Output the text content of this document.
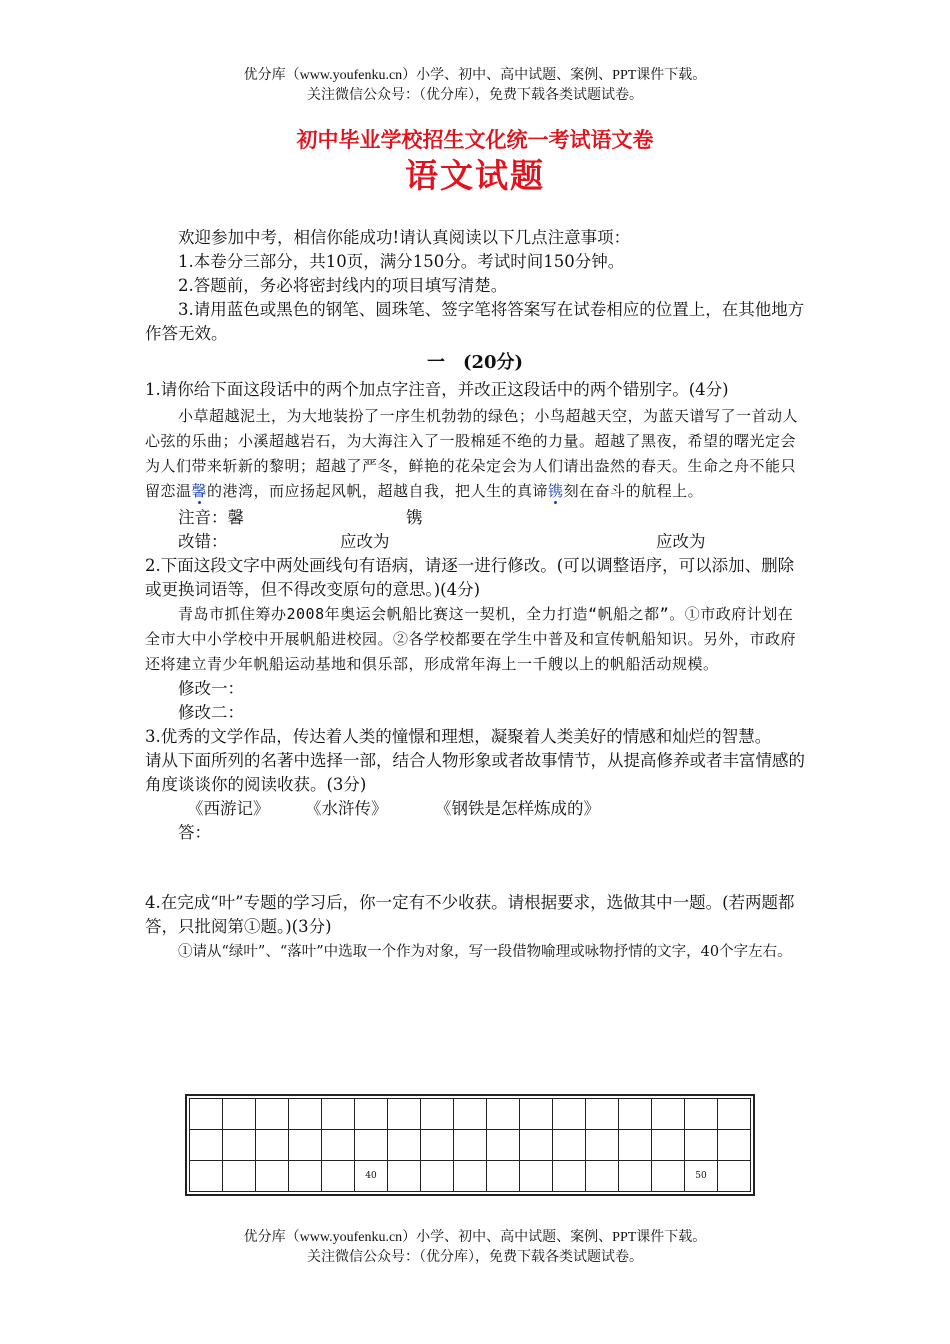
优分库（www.youfenku.cn）小学、初中、高中试题、案例、PPT课件下载。
关注微信公众号：（优分库），免费下载各类试题试卷。
初中毕业学校招生文化统一考试语文卷
语文试题

欢迎参加中考，相信你能成功!请认真阅读以下几点注意事项：

1.本卷分三部分，共10页，满分150分。考试时间150分钟。

2.答题前，务必将密封线内的项目填写清楚。

3.请用蓝色或黑色的钢笔、圆珠笔、签字笔将答案写在试卷相应的位置上，在其他地方作答无效。

一　(20分)

1.请你给下面这段话中的两个加点字注音，并改正这段话中的两个错别字。(4分)

小草超越泥土，为大地装扮了一序生机勃勃的绿色；小鸟超越天空，为蓝天谱写了一首动人心弦的乐曲；小溪超越岩石，为大海注入了一股棉延不绝的力量。超越了黑夜，希望的曙光定会为人们带来斩新的黎明；超越了严冬，鲜艳的花朵定会为人们请出盎然的春天。生命之舟不能只留恋温馨的港湾，而应扬起风帆，超越自我，把人生的真谛镌刻在奋斗的航程上。

注音：馨	镌
改错：	应改为	应改为

2.下面这段文字中两处画线句有语病，请逐一进行修改。(可以调整语序，可以添加、删除或更换词语等，但不得改变原句的意思。)(4分)

青岛市抓住筹办2008年奥运会帆船比赛这一契机，全力打造“帆船之都”。①市政府计划在全市大中小学校中开展帆船进校园。②各学校都要在学生中普及和宣传帆船知识。另外，市政府还将建立青少年帆船运动基地和俱乐部，形成常年海上一千艘以上的帆船活动规模。

修改一：

修改二：

3.优秀的文学作品，传达着人类的憧憬和理想，凝聚着人类美好的情感和灿烂的智慧。

请从下面所列的名著中选择一部，结合人物形象或者故事情节，从提高修养或者丰富情感的角度谈谈你的阅读收获。(3分)

《西游记》	《水浒传》	《钢铁是怎样炼成的》

答：

4.在完成“叶”专题的学习后，你一定有不少收获。请根据要求，选做其中一题。(若两题都答，只批阅第①题。)(3分)

①请从“绿叶”、“落叶”中选取一个作为对象，写一段借物喻理或咏物抒情的文字，40个字左右。

					40										50	
优分库（www.youfenku.cn）小学、初中、高中试题、案例、PPT课件下载。
关注微信公众号：（优分库），免费下载各类试题试卷。
